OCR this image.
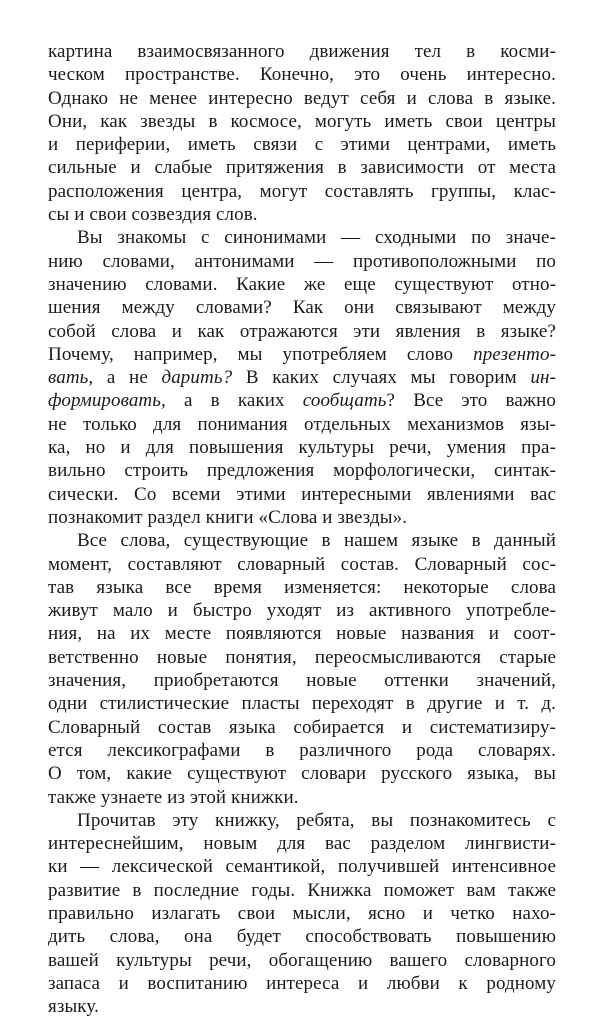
картина взаимосвязанного движения тел в косми-
ческом пространстве. Конечно, это очень интересно.
Однако не менее интересно ведут себя и слова в языке.
Они, как звезды в космосе, могуть иметь свои центры
и периферии, иметь связи с этими центрами, иметь
сильные и слабые притяжения в зависимости от места
расположения центра, могут составлять группы, клас-
сы и свои созвездия слов.
Вы знакомы с синонимами — сходными по значе-
нию словами, антонимами — противоположными по
значению словами. Какие же еще существуют отно-
шения между словами? Как они связывают между
собой слова и как отражаются эти явления в языке?
Почему, например, мы употребляем слово презенто-
вать, а не дарить? В каких случаях мы говорим ин-
формировать, а в каких сообщать? Все это важно
не только для понимания отдельных механизмов язы-
ка, но и для повышения культуры речи, умения пра-
вильно строить предложения морфологически, синтак-
сически. Со всеми этими интересными явлениями вас
познакомит раздел книги «Слова и звезды».
Все слова, существующие в нашем языке в данный
момент, составляют словарный состав. Словарный сос-
тав языка все время изменяется: некоторые слова
живут мало и быстро уходят из активного употребле-
ния, на их месте появляются новые названия и соот-
ветственно новые понятия, переосмысливаются старые
значения, приобретаются новые оттенки значений,
одни стилистические пласты переходят в другие и т. д.
Словарный состав языка собирается и систематизиру-
ется лексикографами в различного рода словарях.
О том, какие существуют словари русского языка, вы
также узнаете из этой книжки.
Прочитав эту книжку, ребята, вы познакомитесь с
интереснейшим, новым для вас разделом лингвисти-
ки — лексической семантикой, получившей интенсивное
развитие в последние годы. Книжка поможет вам также
правильно излагать свои мысли, ясно и четко нахо-
дить слова, она будет способствовать повышению
вашей культуры речи, обогащению вашего словарного
запаса и воспитанию интереса и любви к родному
языку.
